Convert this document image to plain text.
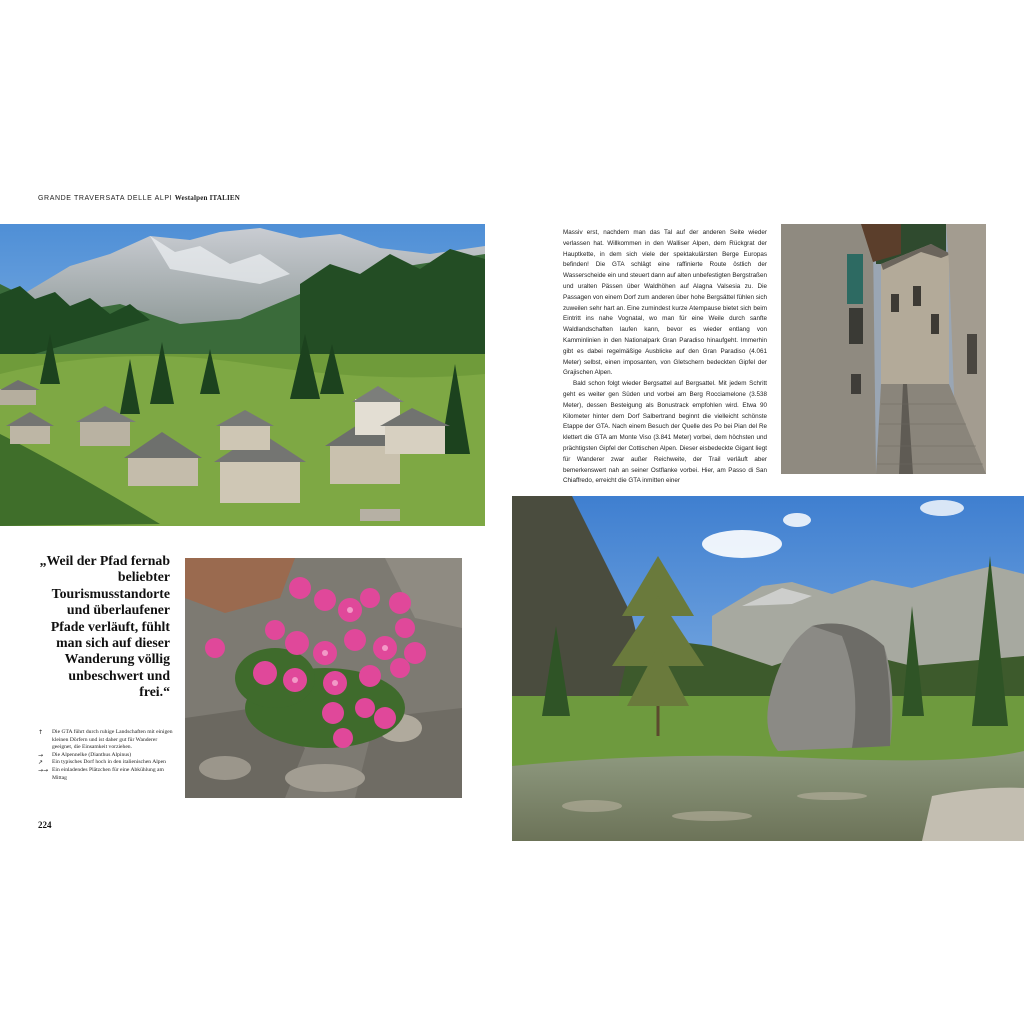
GRANDE TRAVERSATA DELLE ALPI Westalpen ITALIEN

Massiv erst, nachdem man das Tal auf der anderen Seite wieder verlassen hat. Willkommen in den Walliser Alpen, dem Rückgrat der Hauptkette, in dem sich viele der spektakulärsten Berge Europas befinden! Die GTA schlägt eine raffinierte Route östlich der Wasserscheide ein und steuert dann auf alten unbefestigten Bergstraßen und uralten Pässen über Waldhöhen auf Alagna Valsesia zu. Die Passagen von einem Dorf zum anderen über hohe Bergsättel fühlen sich zuweilen sehr hart an. Eine zumindest kurze Atempause bietet sich beim Eintritt ins nahe Vognatal, wo man für eine Weile durch sanfte Waldlandschaften laufen kann, bevor es wieder entlang von Kamminlinien in den Nationalpark Gran Paradiso hinaufgeht. Immerhin gibt es dabei regelmäßige Ausblicke auf den Gran Paradiso (4.061 Meter) selbst, einen imposanten, von Gletschern bedeckten Gipfel der Grajischen Alpen.

Bald schon folgt wieder Bergsattel auf Bergsattel. Mit jedem Schritt geht es weiter gen Süden und vorbei am Berg Rocciamelone (3.538 Meter), dessen Besteigung als Bonustrack empfohlen wird. Etwa 90 Kilometer hinter dem Dorf Salbertrand beginnt die vielleicht schönste Etappe der GTA. Nach einem Besuch der Quelle des Po bei Pian del Re klettert die GTA am Monte Viso (3.841 Meter) vorbei, dem höchsten und prächtigsten Gipfel der Cottischen Alpen. Dieser eisbedeckte Gigant liegt für Wanderer zwar außer Reichweite, der Trail verläuft aber bemerkenswert nah an seiner Ostflanke vorbei. Hier, am Passo di San Chiaffredo, erreicht die GTA inmitten einer

„Weil der Pfad fernab beliebter Tourismusstandorte und überlaufener Pfade verläuft, fühlt man sich auf dieser Wanderung völlig unbeschwert und frei.“
↑	Die GTA führt durch ruhige Landschaften mit einigen kleinen Dörfern und ist daher gut für Wanderer geeignet, die Einsamkeit vorziehen.
→	Die Alpennelke (Dianthus Alpinus)
↗	Ein typisches Dorf hoch in den italienischen Alpen
→→ Ein einladendes Plätzchen für eine Abkühlung am Mittag
224
